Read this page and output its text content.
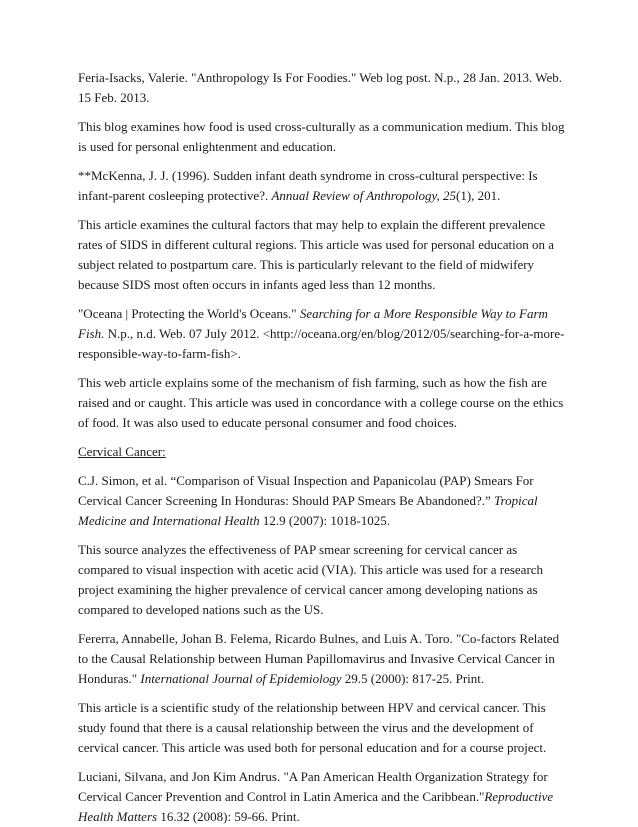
Feria-Isacks, Valerie. "Anthropology Is For Foodies." Web log post. N.p., 28 Jan. 2013. Web. 15 Feb. 2013.

This blog examines how food is used cross-culturally as a communication medium. This blog is used for personal enlightenment and education.

**McKenna, J. J. (1996). Sudden infant death syndrome in cross-cultural perspective: Is infant-parent cosleeping protective?. Annual Review of Anthropology, 25(1), 201.

This article examines the cultural factors that may help to explain the different prevalence rates of SIDS in different cultural regions. This article was used for personal education on a subject related to postpartum care. This is particularly relevant to the field of midwifery because SIDS most often occurs in infants aged less than 12 months.

"Oceana | Protecting the World's Oceans." Searching for a More Responsible Way to Farm Fish. N.p., n.d. Web. 07 July 2012. <http://oceana.org/en/blog/2012/05/searching-for-a-more-responsible-way-to-farm-fish>.

This web article explains some of the mechanism of fish farming, such as how the fish are raised and or caught. This article was used in concordance with a college course on the ethics of food. It was also used to educate personal consumer and food choices.

Cervical Cancer:

C.J. Simon, et al. “Comparison of Visual Inspection and Papanicolau (PAP) Smears For Cervical Cancer Screening In Honduras: Should PAP Smears Be Abandoned?.” Tropical Medicine and International Health 12.9 (2007): 1018-1025.

This source analyzes the effectiveness of PAP smear screening for cervical cancer as compared to visual inspection with acetic acid (VIA). This article was used for a research project examining the higher prevalence of cervical cancer among developing nations as compared to developed nations such as the US.

Fererra, Annabelle, Johan B. Felema, Ricardo Bulnes, and Luis A. Toro. "Co-factors Related to the Causal Relationship between Human Papillomavirus and Invasive Cervical Cancer in Honduras." International Journal of Epidemiology 29.5 (2000): 817-25. Print.

This article is a scientific study of the relationship between HPV and cervical cancer. This study found that there is a causal relationship between the virus and the development of cervical cancer. This article was used both for personal education and for a course project.

Luciani, Silvana, and Jon Kim Andrus. "A Pan American Health Organization Strategy for Cervical Cancer Prevention and Control in Latin America and the Caribbean."Reproductive Health Matters 16.32 (2008): 59-66. Print.
